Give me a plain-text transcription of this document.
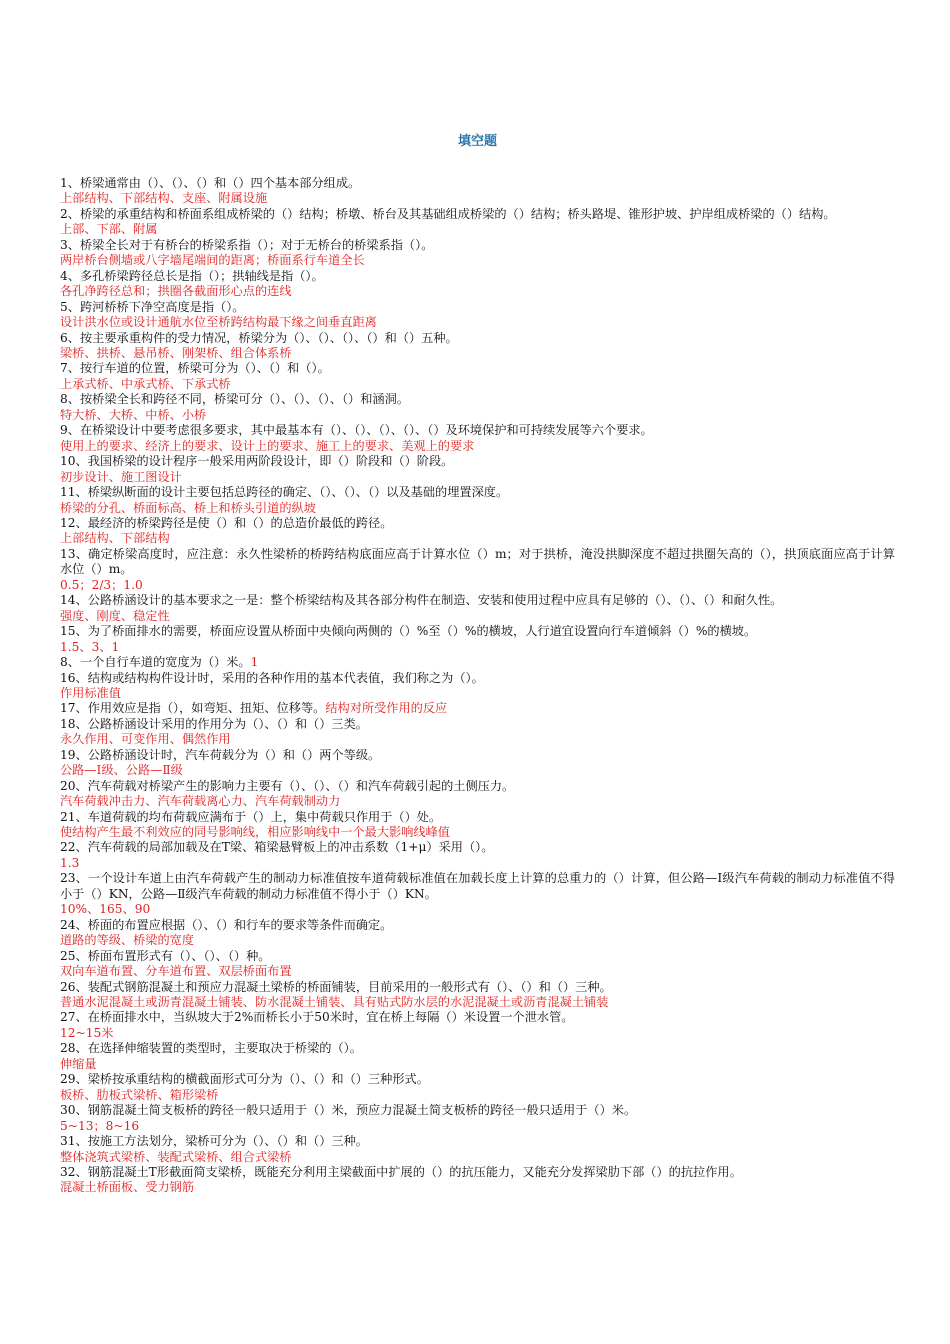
填空题

1、桥梁通常由（）、（）、（）和（）四个基本部分组成。

上部结构、下部结构、支座、附属设施

2、桥梁的承重结构和桥面系组成桥梁的（）结构；桥墩、桥台及其基础组成桥梁的（）结构；桥头路堤、锥形护坡、护岸组成桥梁的（）结构。

上部、下部、附属

3、桥梁全长对于有桥台的桥梁系指（）；对于无桥台的桥梁系指（）。

两岸桥台侧墙或八字墙尾端间的距离；桥面系行车道全长

4、多孔桥梁跨径总长是指（）；拱轴线是指（）。

各孔净跨径总和；拱圈各截面形心点的连线

5、跨河桥桥下净空高度是指（）。

设计洪水位或设计通航水位至桥跨结构最下缘之间垂直距离

6、按主要承重构件的受力情况，桥梁分为（）、（）、（）、（）和（）五种。

梁桥、拱桥、悬吊桥、刚架桥、组合体系桥

7、按行车道的位置，桥梁可分为（）、（）和（）。

上承式桥、中承式桥、下承式桥

8、按桥梁全长和跨径不同，桥梁可分（）、（）、（）、（）和涵洞。

特大桥、大桥、中桥、小桥

9、在桥梁设计中要考虑很多要求，其中最基本有（）、（）、（）、（）、（）及环境保护和可持续发展等六个要求。

使用上的要求、经济上的要求、设计上的要求、施工上的要求、美观上的要求

10、我国桥梁的设计程序一般采用两阶段设计，即（）阶段和（）阶段。

初步设计、施工图设计

11、桥梁纵断面的设计主要包括总跨径的确定、（）、（）、（）以及基础的埋置深度。

桥梁的分孔、桥面标高、桥上和桥头引道的纵坡

12、最经济的桥梁跨径是使（）和（）的总造价最低的跨径。

上部结构、下部结构

13、确定桥梁高度时，应注意：永久性梁桥的桥跨结构底面应高于计算水位（）m；对于拱桥，淹没拱脚深度不超过拱圈矢高的（），拱顶底面应高于计算水位（）m。

0.5；2/3；1.0

14、公路桥涵设计的基本要求之一是：整个桥梁结构及其各部分构件在制造、安装和使用过程中应具有足够的（）、（）、（）和耐久性。

强度、刚度、稳定性

15、为了桥面排水的需要，桥面应设置从桥面中央倾向两侧的（）%至（）%的横坡，人行道宜设置向行车道倾斜（）%的横坡。

1.5、3、1

8、一个自行车道的宽度为（）米。1

16、结构或结构构件设计时，采用的各种作用的基本代表值，我们称之为（）。

作用标准值

17、作用效应是指（），如弯矩、扭矩、位移等。结构对所受作用的反应

18、公路桥涵设计采用的作用分为（）、（）和（）三类。

永久作用、可变作用、偶然作用

19、公路桥涵设计时，汽车荷载分为（）和（）两个等级。

公路—Ⅰ级、公路—Ⅱ级

20、汽车荷载对桥梁产生的影响力主要有（）、（）、（）和汽车荷载引起的土侧压力。

汽车荷载冲击力、汽车荷载离心力、汽车荷载制动力

21、车道荷载的均布荷载应满布于（）上，集中荷载只作用于（）处。

使结构产生最不利效应的同号影响线，相应影响线中一个最大影响线峰值

22、汽车荷载的局部加载及在T梁、箱梁悬臂板上的冲击系数（1+μ）采用（）。

1.3

23、一个设计车道上由汽车荷载产生的制动力标准值按车道荷载标准值在加载长度上计算的总重力的（）计算，但公路—Ⅰ级汽车荷载的制动力标准值不得小于（）KN，公路—Ⅱ级汽车荷载的制动力标准值不得小于（）KN。

10%、165、90

24、桥面的布置应根据（）、（）和行车的要求等条件而确定。

道路的等级、桥梁的宽度

25、桥面布置形式有（）、（）、（）种。

双向车道布置、分车道布置、双层桥面布置

26、装配式钢筋混凝土和预应力混凝土梁桥的桥面铺装，目前采用的一般形式有（）、（）和（）三种。

普通水泥混凝土或沥青混凝土铺装、防水混凝土铺装、具有贴式防水层的水泥混凝土或沥青混凝土铺装

27、在桥面排水中，当纵坡大于2%而桥长小于50米时，宜在桥上每隔（）米设置一个泄水管。

12~15米

28、在选择伸缩装置的类型时，主要取决于桥梁的（）。

伸缩量

29、梁桥按承重结构的横截面形式可分为（）、（）和（）三种形式。

板桥、肋板式梁桥、箱形梁桥

30、钢筋混凝土简支板桥的跨径一般只适用于（）米，预应力混凝土简支板桥的跨径一般只适用于（）米。

5~13；8~16

31、按施工方法划分，梁桥可分为（）、（）和（）三种。

整体浇筑式梁桥、装配式梁桥、组合式梁桥

32、钢筋混凝土T形截面简支梁桥，既能充分利用主梁截面中扩展的（）的抗压能力，又能充分发挥梁肋下部（）的抗拉作用。

混凝土桥面板、受力钢筋
